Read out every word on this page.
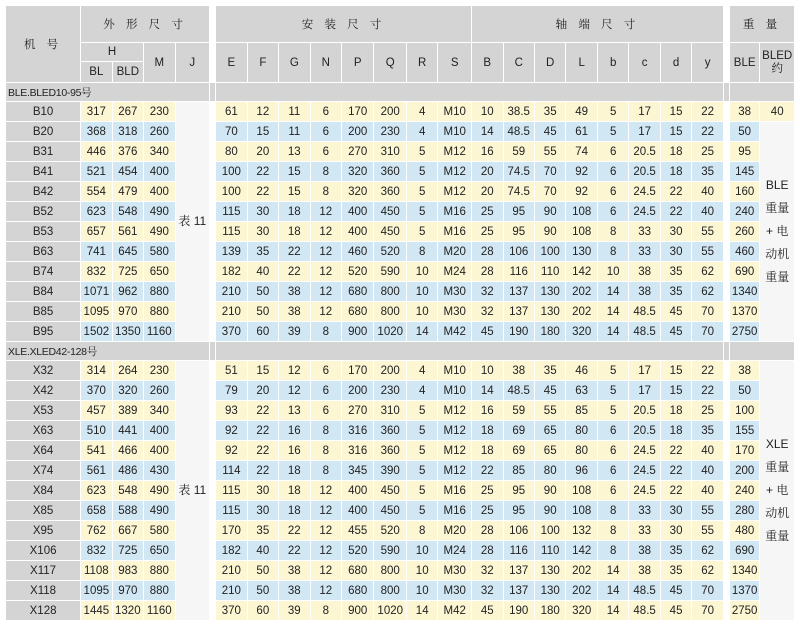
机 号	外 形 尺 寸					安 装 尺 寸								轴 端 尺 寸									重 量	
	H		M	J		E	F	G	N	P	Q	R	S	B	C	D	L	b	c	d	y		BLE	BLED约
	BL	BLD																						
BLE.BLED10-95号																								
B10	317	267	230	表 11		61	12	11	6	170	200	4	M10	10	38.5	35	49	5	17	15	22		38	40
B20	368	318	260			70	15	11	6	200	230	4	M10	14	48.5	45	61	5	17	15	22		50	BLE 重量 + 电动机 重量
B31	446	376	340			80	20	13	6	270	310	5	M12	16	59	55	74	6	20.5	18	25		95	
B41	521	454	400			100	22	15	8	320	360	5	M12	20	74.5	70	92	6	20.5	18	35		145	
B42	554	479	400			100	22	15	8	320	360	5	M12	20	74.5	70	92	6	24.5	22	40		160	
B52	623	548	490			115	30	18	12	400	450	5	M16	25	95	90	108	6	24.5	22	40		240	
B53	657	561	490			115	30	18	12	400	450	5	M16	25	95	90	108	8	33	30	55		260	
B63	741	645	580			139	35	22	12	460	520	8	M20	28	106	100	130	8	33	30	55		460	
B74	832	725	650			182	40	22	12	520	590	10	M24	28	116	110	142	10	38	35	62		690	
B84	1071	962	880			210	50	38	12	680	800	10	M30	32	137	130	202	14	38	35	62		1340	
B85	1095	970	880			210	50	38	12	680	800	10	M30	32	137	130	202	14	48.5	45	70		1370	
B95	1502	1350	1160			370	60	39	8	900	1020	14	M42	45	190	180	320	14	48.5	45	70		2750	
XLE.XLED42-128号																								
X32	314	264	230	表 11		51	15	12	6	170	200	4	M10	10	38	35	46	5	17	15	22		38	XLE 重量 + 电动机 重量
X42	370	320	260			79	20	12	6	200	230	4	M10	14	48.5	45	63	5	17	15	22		50	
X53	457	389	340			93	22	13	6	270	310	5	M12	16	59	55	85	5	20.5	18	25		100	
X63	510	441	400			92	22	16	8	316	360	5	M12	18	69	65	80	6	20.5	18	35		155	
X64	541	466	400			92	22	16	8	316	360	5	M12	18	69	65	80	6	24.5	22	40		170	
X74	561	486	430			114	22	18	8	345	390	5	M12	22	85	80	96	6	24.5	22	40		200	
X84	623	548	490			115	30	18	12	400	450	5	M16	25	95	90	108	6	24.5	22	40		240	
X85	658	588	490			115	30	18	12	400	450	5	M16	25	95	90	108	8	33	30	55		280	
X95	762	667	580			170	35	22	12	455	520	8	M20	28	106	100	132	8	33	30	55		480	
X106	832	725	650			182	40	22	12	520	590	10	M24	28	116	110	142	8	38	35	62		690	
X117	1108	983	880			210	50	38	12	680	800	10	M30	32	137	130	202	14	38	35	62		1340	
X118	1095	970	880			210	50	38	12	680	800	10	M30	32	137	130	202	14	48.5	45	70		1370	
X128	1445	1320	1160			370	60	39	8	900	1020	14	M42	45	190	180	320	14	48.5	45	70		2750	
